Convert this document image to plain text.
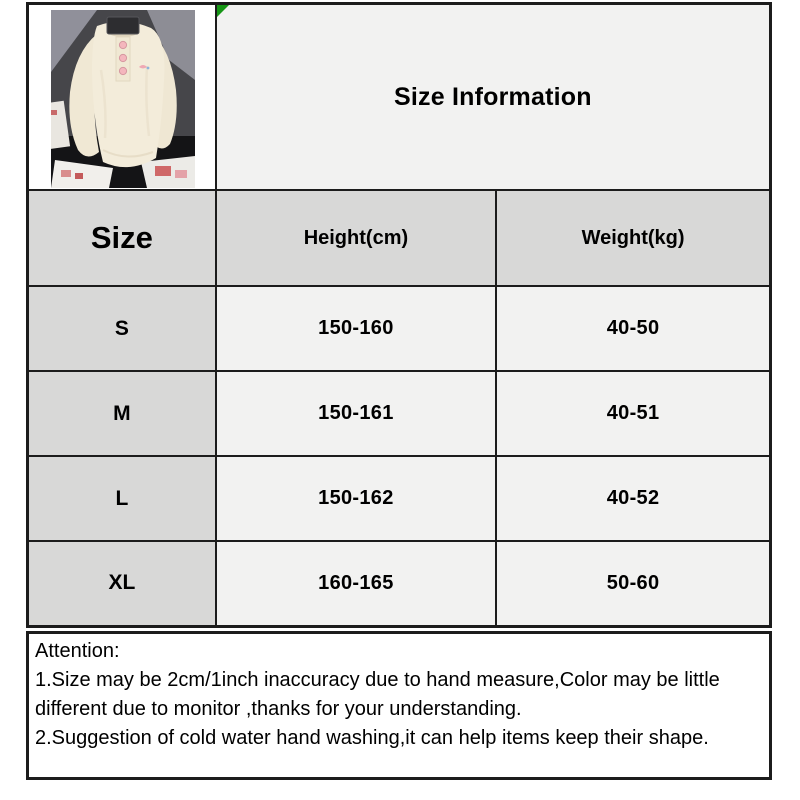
Size Information	
Size	Height(cm)	Weight(kg)
S	150-160	40-50
M	150-161	40-51
L	150-162	40-52
XL	160-165	50-60
Attention:
1.Size may be 2cm/1inch inaccuracy due to hand measure,Color may be little
different due to monitor ,thanks for your understanding.
2.Suggestion of cold water hand washing,it can help items keep their shape.
